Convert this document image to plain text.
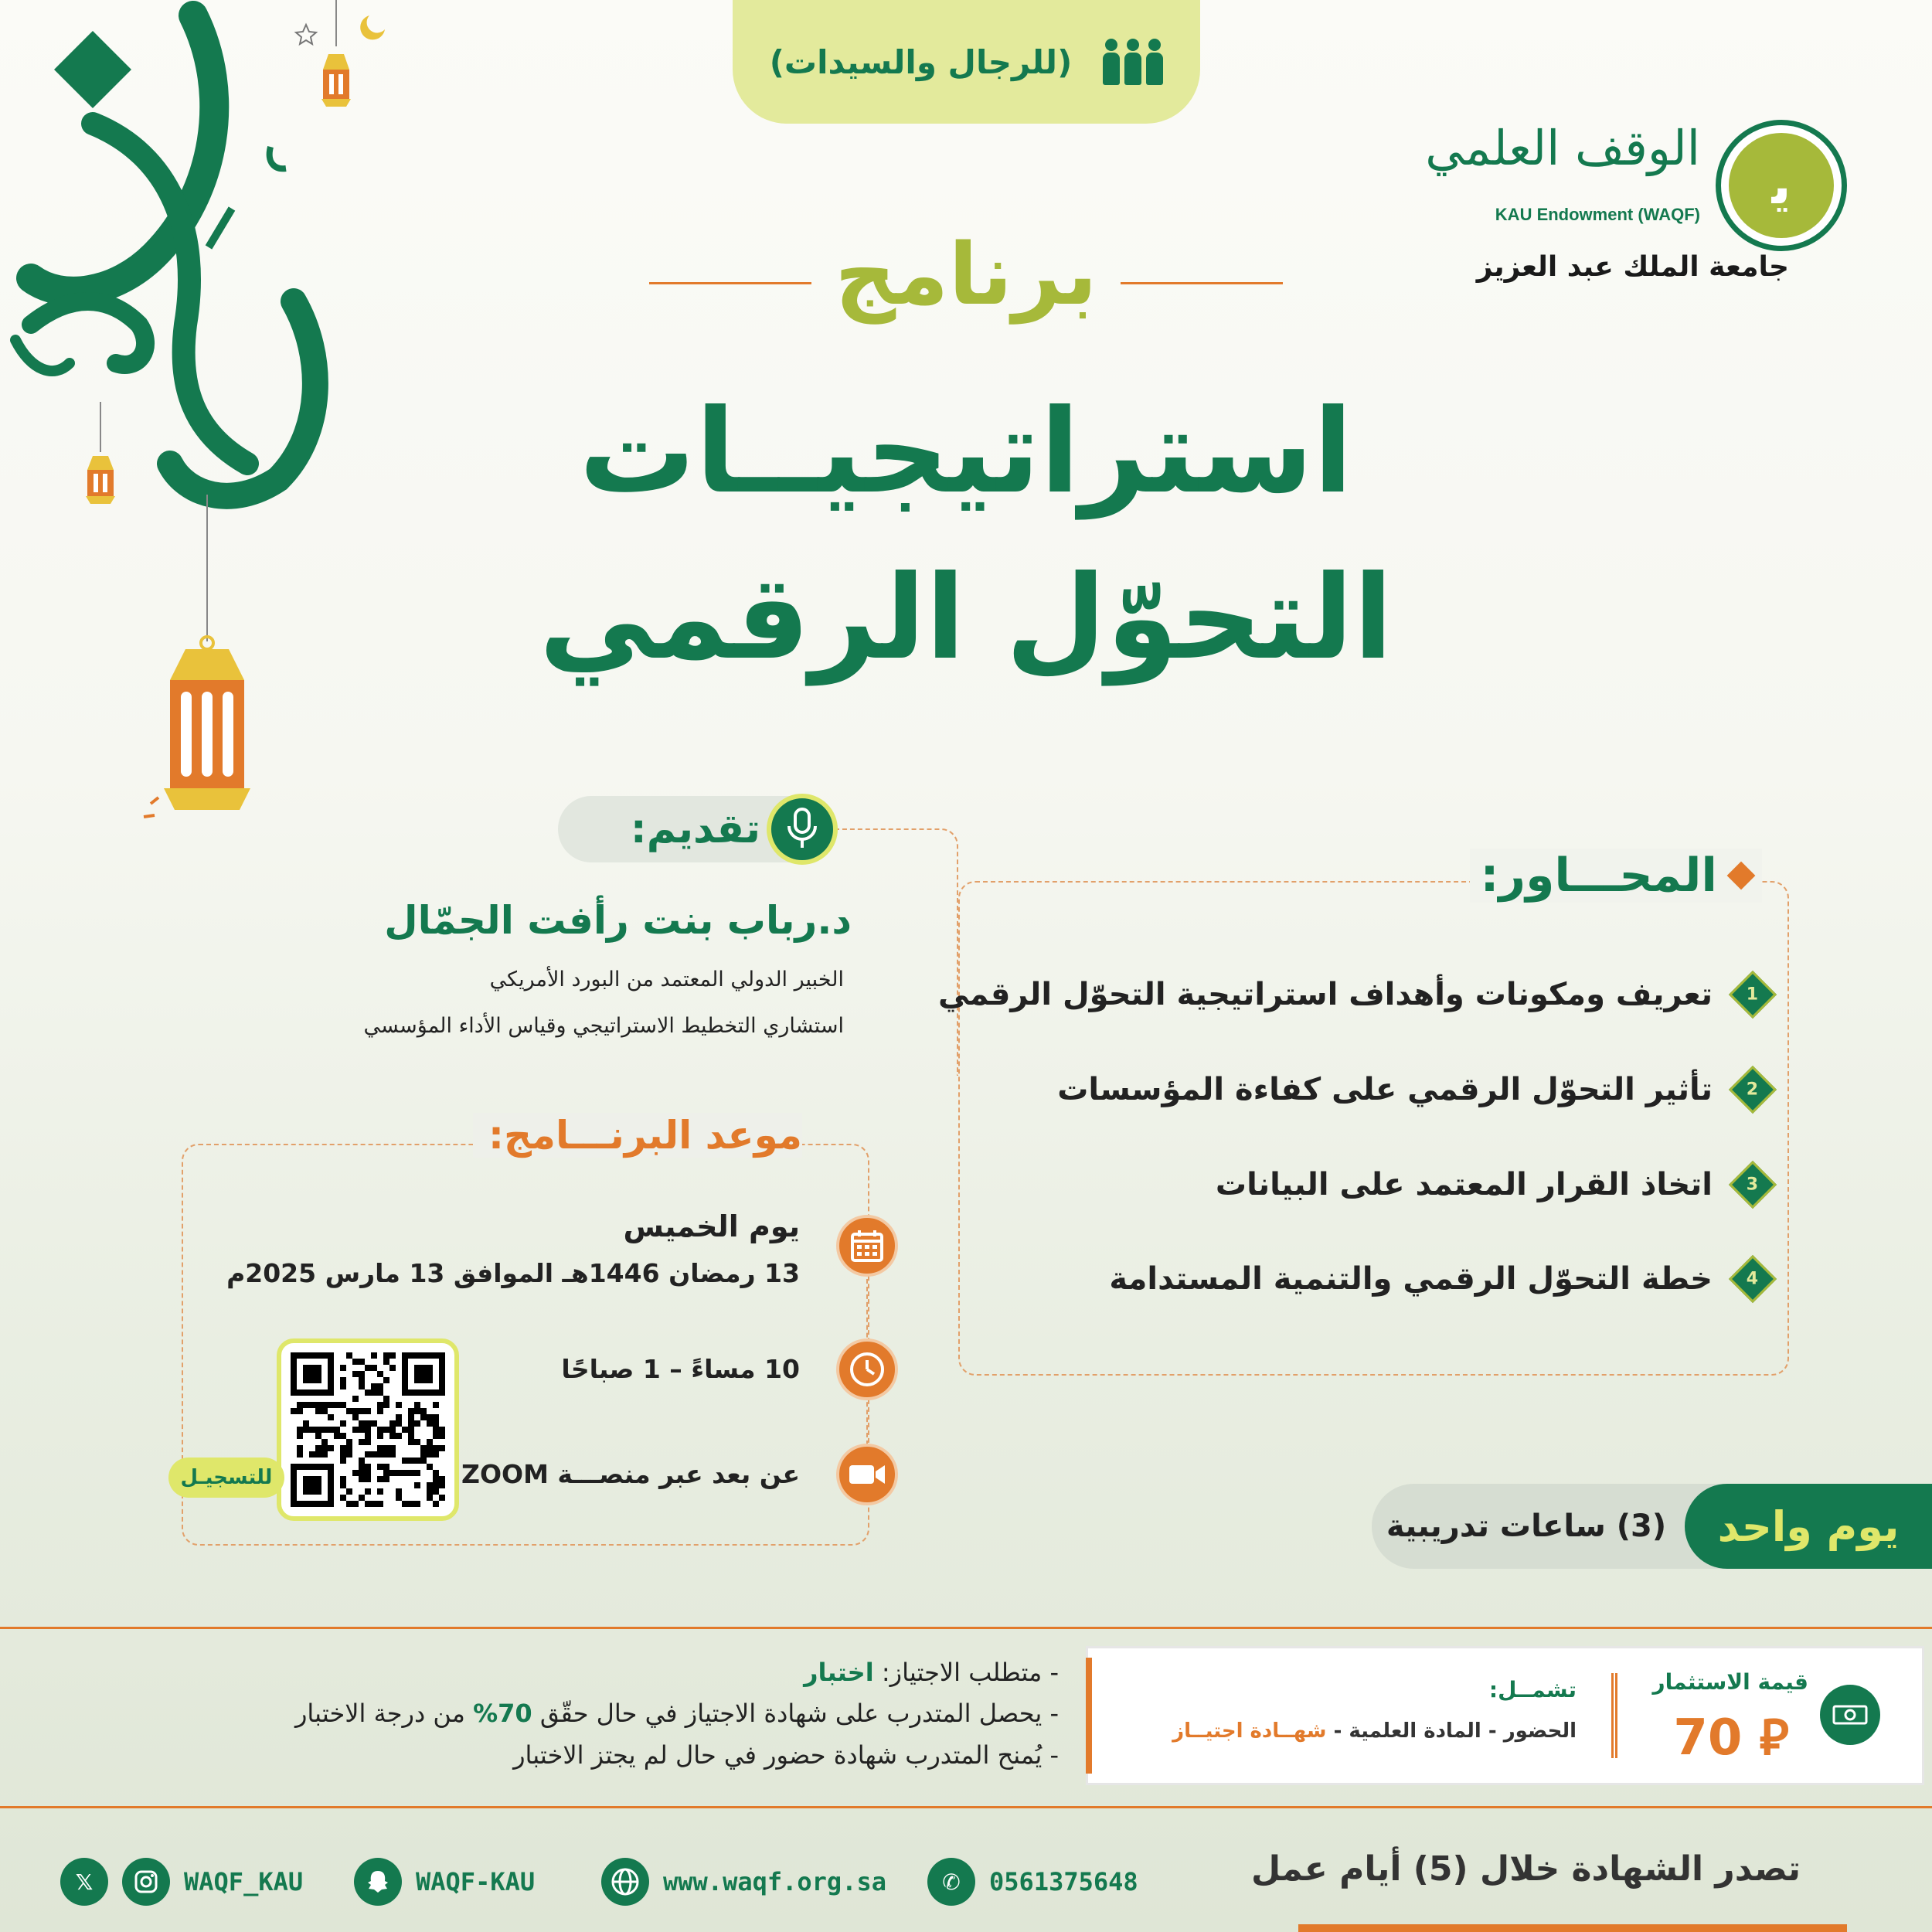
(للرجال والسيدات)
ﯾ
الوقف العلمي
KAU Endowment (WAQF)
جامعة الملك عبد العزيز
برنامج
استراتيجيــات
التحوّل الرقمي
تقديم:
د.رباب بنت رأفت الجمّال
الخبير الدولي المعتمد من البورد الأمريكي
استشاري التخطيط الاستراتيجي وقياس الأداء المؤسسي
موعد البرنـــامج:
يوم الخميس
13 رمضان 1446هـ الموافق 13 مارس 2025م
10 مساءً – 1 صباحًا
عن بعد عبر منصـــة ZOOM
للتسجيـل
المحـــاور:
1
تعريف ومكونات وأهداف استراتيجية التحوّل الرقمي
2
تأثير التحوّل الرقمي على كفاءة المؤسسات
3
اتخاذ القرار المعتمد على البيانات
4
خطة التحوّل الرقمي والتنمية المستدامة
(3) ساعات تدريبية	يوم واحد
قيمة الاستثمار
70 ⃁
تشمــل:
الحضور - المادة العلمية - شهــادة اجتيــاز
- متطلب الاجتياز: اختبار
- يحصل المتدرب على شهادة الاجتياز في حال حقّق 70% من درجة الاختبار
- يُمنح المتدرب شهادة حضور في حال لم يجتز الاختبار
تصدر الشهادة خلال (5) أيام عمل
✆	0561375648
www.waqf.org.sa
WAQF-KAU
𝕏	WAQF_KAU
